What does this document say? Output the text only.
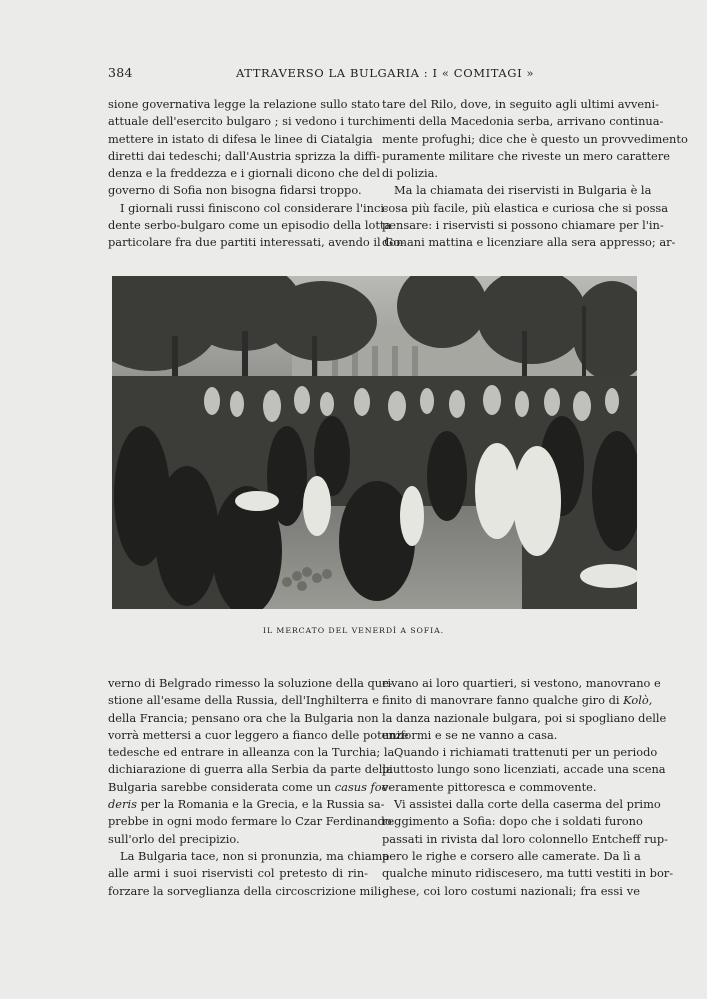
384	ATTRAVERSO LA BULGARIA : I « COMITAGI »
sione governativa legge la relazione sullo stato
attuale dell'esercito bulgaro ; si vedono i turchi
mettere in istato di difesa le linee di Ciatalgia
diretti dai tedeschi; dall'Austria sprizza la diffi-
denza e la freddezza e i giornali dicono che del
governo di Sofia non bisogna fidarsi troppo.
I giornali russi finiscono col considerare l'inci-
dente serbo-bulgaro come un episodio della lotta
particolare fra due partiti interessati, avendo il Go-
tare del Rilo, dove, in seguito agli ultimi avveni-
menti della Macedonia serba, arrivano continua-
mente profughi; dice che è questo un provvedimento
puramente militare che riveste un mero carattere
di polizia.
Ma la chiamata dei riservisti in Bulgaria è la
cosa più facile, più elastica e curiosa che si possa
pensare: i riservisti si possono chiamare per l'in-
domani mattina e licenziare alla sera appresso; ar-
IL MERCATO DEL VENERDÌ A SOFIA.
verno di Belgrado rimesso la soluzione della que-
stione all'esame della Russia, dell'Inghilterra e
della Francia; pensano ora che la Bulgaria non
vorrà mettersi a cuor leggero a fianco delle potenze
tedesche ed entrare in alleanza con la Turchia; la
dichiarazione di guerra alla Serbia da parte della
Bulgaria sarebbe considerata come un casus foe-
deris per la Romania e la Grecia, e la Russia sa-
prebbe in ogni modo fermare lo Czar Ferdinando
sull'orlo del precipizio.
La Bulgaria tace, non si pronunzia, ma chiama
alle armi i suoi riservisti col pretesto di rin-
forzare la sorveglianza della circoscrizione mili-
rivano ai loro quartieri, si vestono, manovrano e
finito di manovrare fanno qualche giro di Kolò,
la danza nazionale bulgara, poi si spogliano delle
uniformi e se ne vanno a casa.
Quando i richiamati trattenuti per un periodo
piuttosto lungo sono licenziati, accade una scena
veramente pittoresca e commovente.
Vi assistei dalla corte della caserma del primo
reggimento a Sofia: dopo che i soldati furono
passati in rivista dal loro colonnello Entcheff rup-
pero le righe e corsero alle camerate. Da lì a
qualche minuto ridiscesero, ma tutti vestiti in bor-
ghese, coi loro costumi nazionali; fra essi ve
